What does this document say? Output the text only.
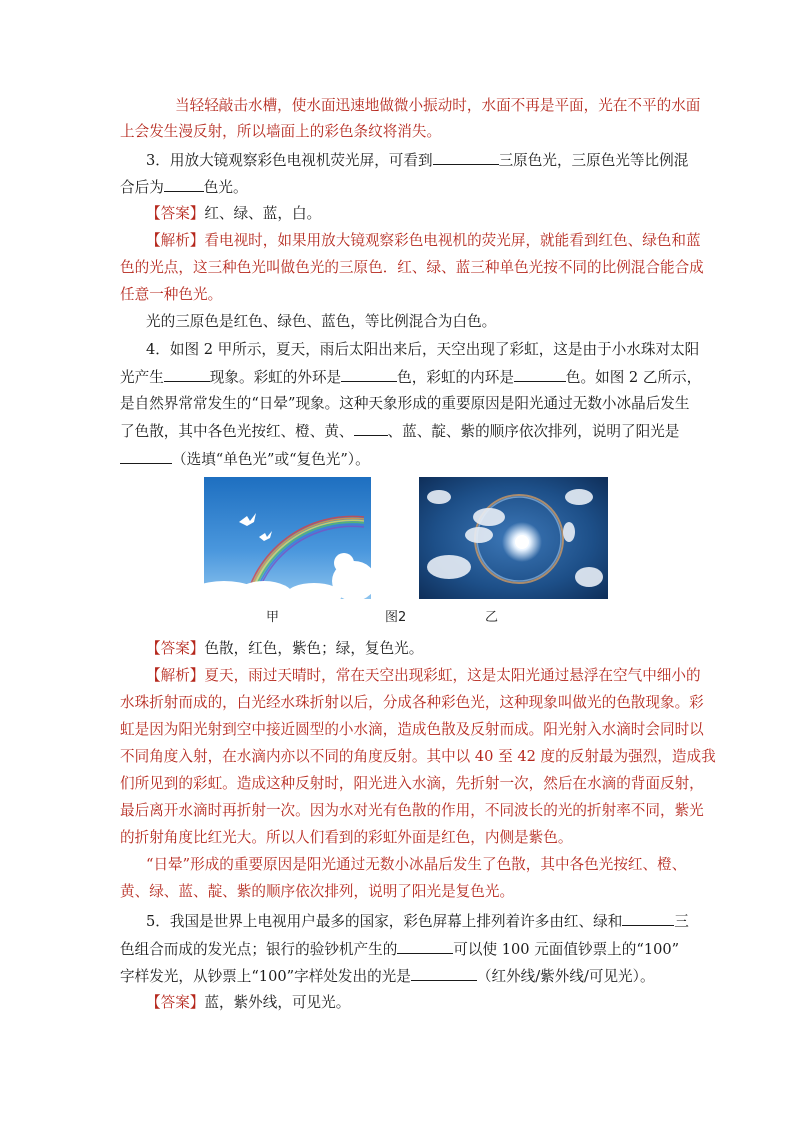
当轻轻敲击水槽，使水面迅速地做微小振动时，水面不再是平面，光在不平的水面
上会发生漫反射，所以墙面上的彩色条纹将消失。
3．用放大镜观察彩色电视机荧光屏，可看到	三原色光，三原色光等比例混
合后为	色光。
【答案】红、绿、蓝，白。
【解析】看电视时，如果用放大镜观察彩色电视机的荧光屏，就能看到红色、绿色和蓝
色的光点，这三种色光叫做色光的三原色．红、绿、蓝三种单色光按不同的比例混合能合成
任意一种色光。
光的三原色是红色、绿色、蓝色，等比例混合为白色。
4．如图 2 甲所示，夏天，雨后太阳出来后，天空出现了彩虹，这是由于小水珠对太阳
光产生	现象。彩虹的外环是	色，彩虹的内环是	色。如图 2 乙所示，
是自然界常常发生的“日晕”现象。这种天象形成的重要原因是阳光通过无数小冰晶后发生
了色散，其中各色光按红、橙、黄、 、蓝、靛、紫的顺序依次排列，说明了阳光是
（选填“单色光”或“复色光”）。
甲	图2	乙
【答案】色散，红色，紫色；绿，复色光。
【解析】夏天，雨过天晴时，常在天空出现彩虹，这是太阳光通过悬浮在空气中细小的
水珠折射而成的，白光经水珠折射以后，分成各种彩色光，这种现象叫做光的色散现象。彩
虹是因为阳光射到空中接近圆型的小水滴，造成色散及反射而成。阳光射入水滴时会同时以
不同角度入射，在水滴内亦以不同的角度反射。其中以 40 至 42 度的反射最为强烈，造成我
们所见到的彩虹。造成这种反射时，阳光进入水滴，先折射一次，然后在水滴的背面反射，
最后离开水滴时再折射一次。因为水对光有色散的作用，不同波长的光的折射率不同，紫光
的折射角度比红光大。所以人们看到的彩虹外面是红色，内侧是紫色。
“日晕”形成的重要原因是阳光通过无数小冰晶后发生了色散，其中各色光按红、橙、
黄、绿、蓝、靛、紫的顺序依次排列，说明了阳光是复色光。
5．我国是世界上电视用户最多的国家，彩色屏幕上排列着许多由红、绿和	三
色组合而成的发光点；银行的验钞机产生的	可以使 100 元面值钞票上的“100”
字样发光，从钞票上“100”字样处发出的光是	（红外线/紫外线/可见光）。
【答案】蓝，紫外线，可见光。
